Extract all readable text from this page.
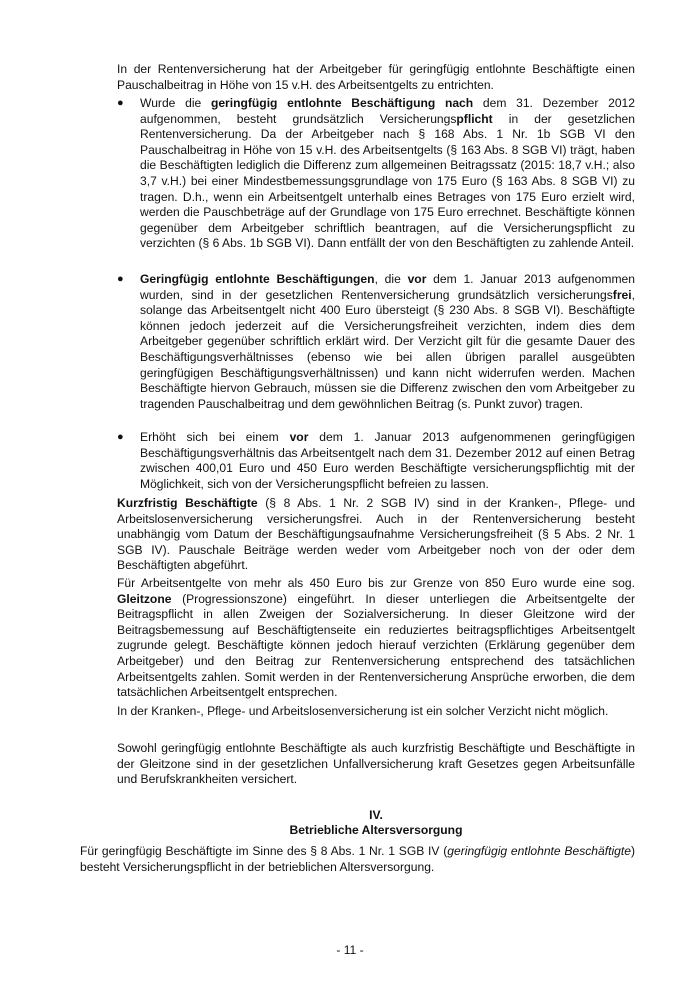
In der Rentenversicherung hat der Arbeitgeber für geringfügig entlohnte Beschäftigte einen Pauschalbeitrag in Höhe von 15 v.H. des Arbeitsentgelts zu entrichten.

●	Wurde die geringfügig entlohnte Beschäftigung nach dem 31. Dezember 2012 aufgenommen, besteht grundsätzlich Versicherungspflicht in der gesetzlichen Rentenversicherung. Da der Arbeitgeber nach § 168 Abs. 1 Nr. 1b SGB VI den Pauschalbeitrag in Höhe von 15 v.H. des Arbeitsentgelts (§ 163 Abs. 8 SGB VI) trägt, haben die Beschäftigten lediglich die Differenz zum allgemeinen Beitragssatz (2015: 18,7 v.H.; also 3,7 v.H.) bei einer Mindestbemessungsgrundlage von 175 Euro (§ 163 Abs. 8 SGB VI) zu tragen. D.h., wenn ein Arbeitsentgelt unterhalb eines Betrages von 175 Euro erzielt wird, werden die Pauschbeträge auf der Grundlage von 175 Euro errechnet. Beschäftigte können gegenüber dem Arbeitgeber schriftlich beantragen, auf die Versicherungspflicht zu verzichten (§ 6 Abs. 1b SGB VI). Dann entfällt der von den Beschäftigten zu zahlende Anteil.
●	Geringfügig entlohnte Beschäftigungen, die vor dem 1. Januar 2013 aufgenommen wurden, sind in der gesetzlichen Rentenversicherung grundsätzlich versicherungsfrei, solange das Arbeitsentgelt nicht 400 Euro übersteigt (§ 230 Abs. 8 SGB VI). Beschäftigte können jedoch jederzeit auf die Versicherungsfreiheit verzichten, indem dies dem Arbeitgeber gegenüber schriftlich erklärt wird. Der Verzicht gilt für die gesamte Dauer des Beschäftigungsverhältnisses (ebenso wie bei allen übrigen parallel ausgeübten geringfügigen Beschäftigungsverhältnissen) und kann nicht widerrufen werden. Machen Beschäftigte hiervon Gebrauch, müssen sie die Differenz zwischen den vom Arbeitgeber zu tragenden Pauschalbeitrag und dem gewöhnlichen Beitrag (s. Punkt zuvor) tragen.
●	Erhöht sich bei einem vor dem 1. Januar 2013 aufgenommenen geringfügigen Beschäftigungsverhältnis das Arbeitsentgelt nach dem 31. Dezember 2012 auf einen Betrag zwischen 400,01 Euro und 450 Euro werden Beschäftigte versicherungspflichtig mit der Möglichkeit, sich von der Versicherungspflicht befreien zu lassen.

Kurzfristig Beschäftigte (§ 8 Abs. 1 Nr. 2 SGB IV) sind in der Kranken-, Pflege- und Arbeitslosenversicherung versicherungsfrei. Auch in der Rentenversicherung besteht unabhängig vom Datum der Beschäftigungsaufnahme Versicherungsfreiheit (§ 5 Abs. 2 Nr. 1 SGB IV). Pauschale Beiträge werden weder vom Arbeitgeber noch von der oder dem Beschäftigten abgeführt.

Für Arbeitsentgelte von mehr als 450 Euro bis zur Grenze von 850 Euro wurde eine sog. Gleitzone (Progressionszone) eingeführt. In dieser unterliegen die Arbeitsentgelte der Beitragspflicht in allen Zweigen der Sozialversicherung. In dieser Gleitzone wird der Beitragsbemessung auf Beschäftigtenseite ein reduziertes beitragspflichtiges Arbeitsentgelt zugrunde gelegt. Beschäftigte können jedoch hierauf verzichten (Erklärung gegenüber dem Arbeitgeber) und den Beitrag zur Rentenversicherung entsprechend des tatsächlichen Arbeitsentgelts zahlen. Somit werden in der Rentenversicherung Ansprüche erworben, die dem tatsächlichen Arbeitsentgelt entsprechen.

In der Kranken-, Pflege- und Arbeitslosenversicherung ist ein solcher Verzicht nicht möglich.

Sowohl geringfügig entlohnte Beschäftigte als auch kurzfristig Beschäftigte und Beschäftigte in der Gleitzone sind in der gesetzlichen Unfallversicherung kraft Gesetzes gegen Arbeitsunfälle und Berufskrankheiten versichert.

IV.
Betriebliche Altersversorgung

Für geringfügig Beschäftigte im Sinne des § 8 Abs. 1 Nr. 1 SGB IV (geringfügig entlohnte Beschäftigte) besteht Versicherungspflicht in der betrieblichen Altersversorgung.

- 11 -
